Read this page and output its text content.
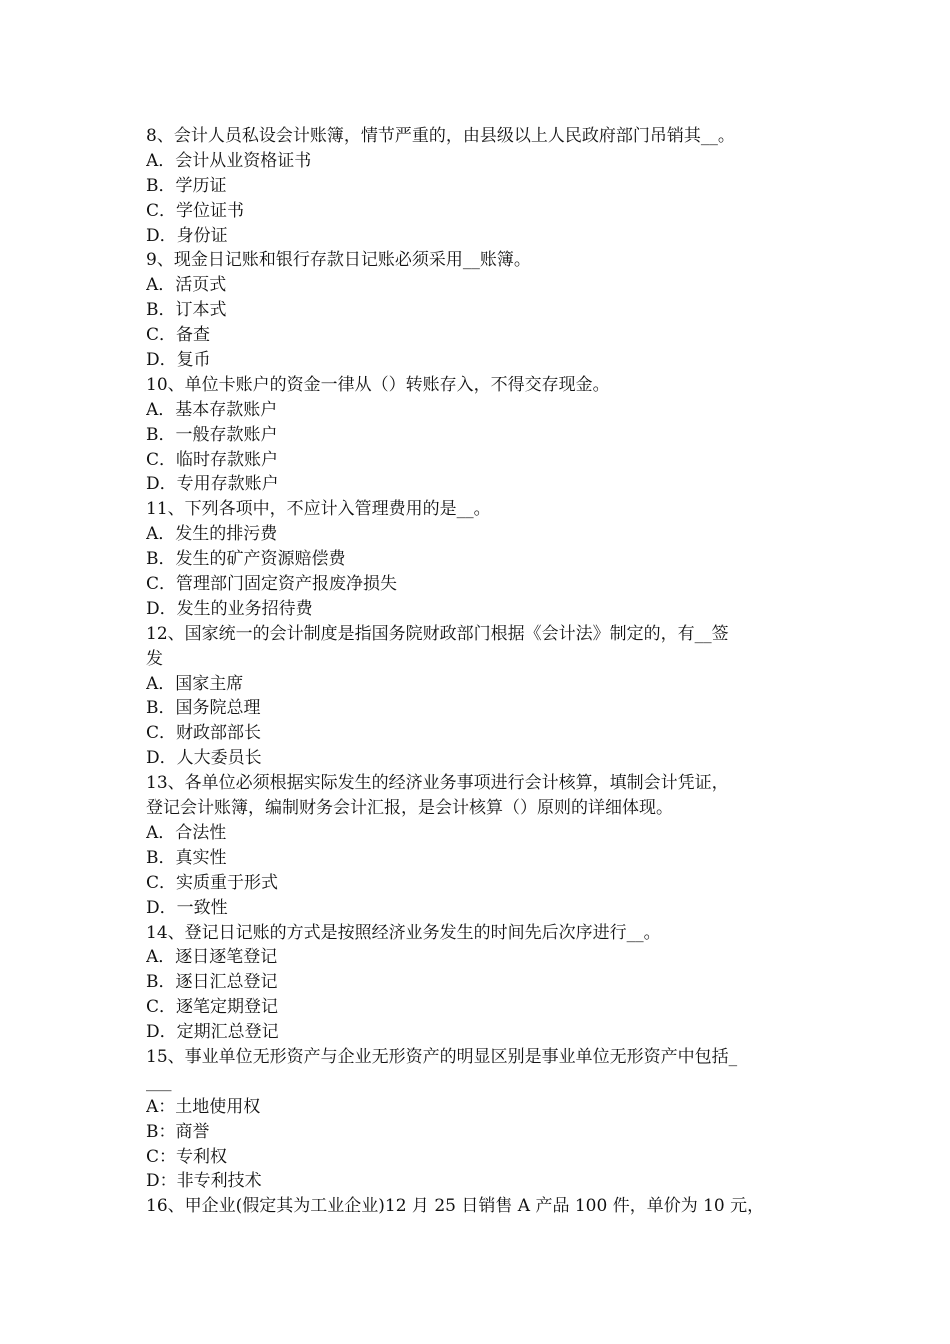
8、会计人员私设会计账簿，情节严重的，由县级以上人民政府部门吊销其__。
A．会计从业资格证书
B．学历证
C．学位证书
D．身份证
9、现金日记账和银行存款日记账必须采用__账簿。
A．活页式
B．订本式
C．备查
D．复币
10、单位卡账户的资金一律从（）转账存入，不得交存现金。
A．基本存款账户
B．一般存款账户
C．临时存款账户
D．专用存款账户
11、下列各项中，不应计入管理费用的是__。
A．发生的排污费
B．发生的矿产资源赔偿费
C．管理部门固定资产报废净损失
D．发生的业务招待费
12、国家统一的会计制度是指国务院财政部门根据《会计法》制定的，有__签
发
A．国家主席
B．国务院总理
C．财政部部长
D．人大委员长
13、各单位必须根据实际发生的经济业务事项进行会计核算，填制会计凭证，
登记会计账簿，编制财务会计汇报，是会计核算（）原则的详细体现。
A．合法性
B．真实性
C．实质重于形式
D．一致性
14、登记日记账的方式是按照经济业务发生的时间先后次序进行__。
A．逐日逐笔登记
B．逐日汇总登记
C．逐笔定期登记
D．定期汇总登记
15、事业单位无形资产与企业无形资产的明显区别是事业单位无形资产中包括_
___
A：土地使用权
B：商誉
C：专利权
D：非专利技术
16、甲企业(假定其为工业企业)12 月 25 日销售 A 产品 100 件，单价为 10 元，
